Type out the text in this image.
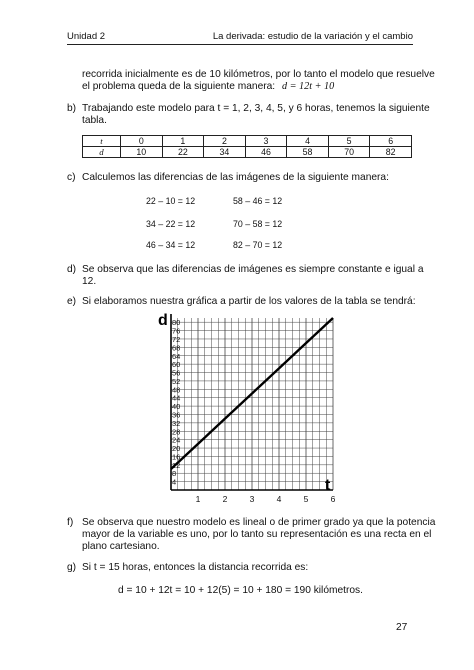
Unidad 2	La derivada: estudio de la variación y el cambio
recorrida inicialmente es de 10 kilómetros, por lo tanto el modelo que resuelve
el problema queda de la siguiente manera: d = 12t + 10
b) Trabajando este modelo para t = 1, 2, 3, 4, 5, y 6 horas, tenemos la siguiente
tabla.
t	0	1	2	3	4	5	6
d	10	22	34	46	58	70	82
c) Calculemos las diferencias de las imágenes de la siguiente manera:
22 – 10 = 12	58 – 46 = 12
34 – 22 = 12	70 – 58 = 12
46 – 34 = 12	82 – 70 = 12
d) Se observa que las diferencias de imágenes es siempre constante e igual a
12.
e) Si elaboramos nuestra gráfica a partir de los valores de la tabla se tendrá:
4
8
12
16
20
24
28
32
36
40
44
48
52
56
60
64
68
72
76
80
1	2	3	4	5	6
d
t
f) Se observa que nuestro modelo es lineal o de primer grado ya que la potencia
mayor de la variable es uno, por lo tanto su representación es una recta en el
plano cartesiano.
g) Si t = 15 horas, entonces la distancia recorrida es:
d = 10 + 12t = 10 + 12(5) = 10 + 180 = 190 kilómetros.
27
